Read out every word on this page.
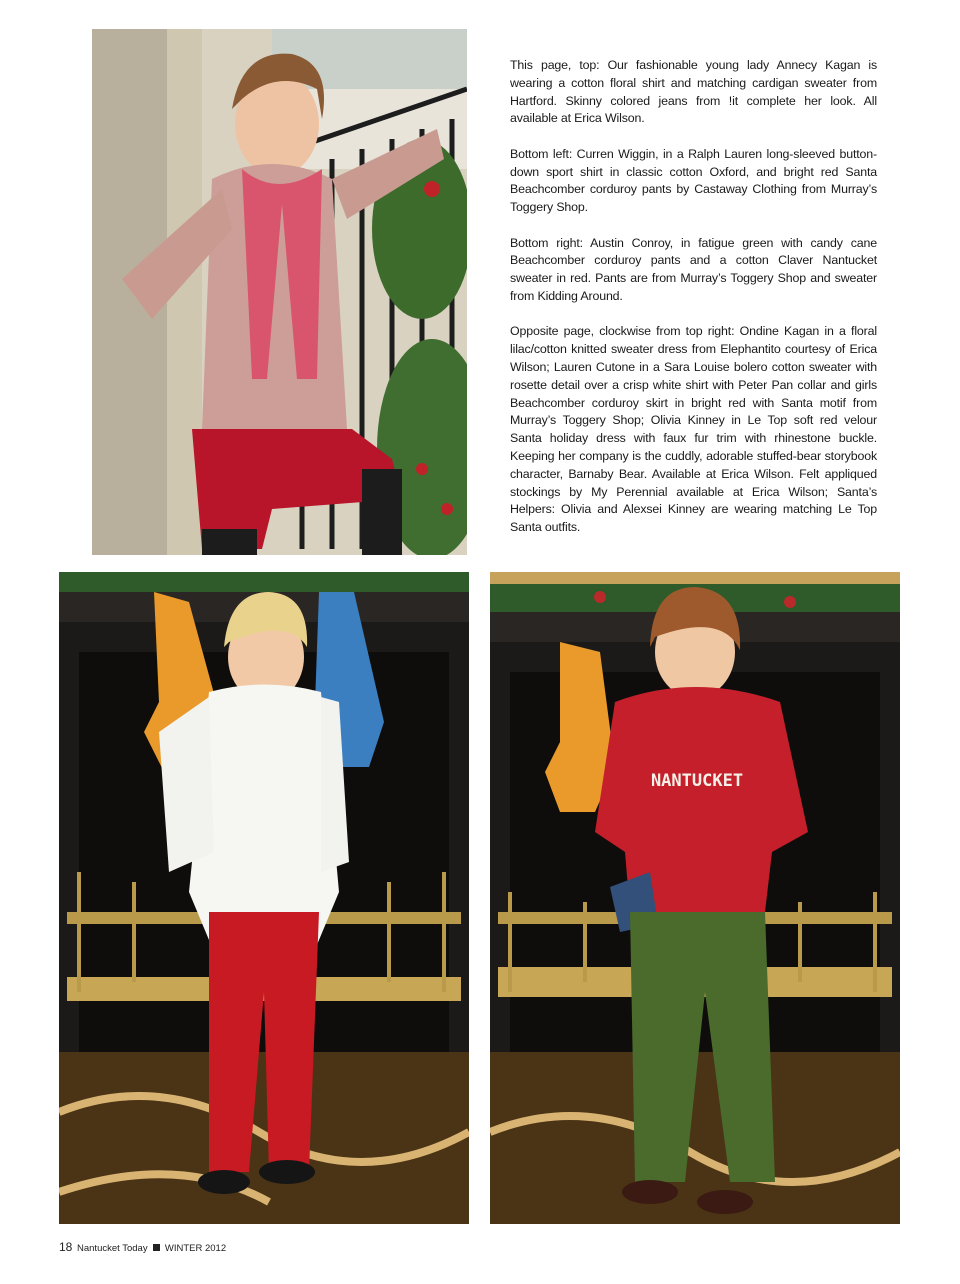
This page, top: Our fashionable young lady Annecy Kagan is wearing a cotton floral shirt and matching cardigan sweater from Hartford. Skinny colored jeans from !it complete her look. All available at Erica Wilson.

Bottom left: Curren Wiggin, in a Ralph Lauren long-sleeved button-down sport shirt in classic cotton Oxford, and bright red Santa Beachcomber corduroy pants by Castaway Clothing from Murray’s Toggery Shop.

Bottom right: Austin Conroy, in fatigue green with candy cane Beachcomber corduroy pants and a cotton Claver Nantucket sweater in red. Pants are from Murray’s Toggery Shop and sweater from Kidding Around.

Opposite page, clockwise from top right: Ondine Kagan in a floral lilac/cotton knitted sweater dress from Elephantito courtesy of Erica Wilson; Lauren Cutone in a Sara Louise bolero cotton sweater with rosette detail over a crisp white shirt with Peter Pan collar and girls Beachcomber corduroy skirt in bright red with Santa motif from Murray’s Toggery Shop; Olivia Kinney in Le Top soft red velour Santa holiday dress with faux fur trim with rhinestone buckle. Keeping her company is the cuddly, adorable stuffed-bear storybook character, Barnaby Bear. Available at Erica Wilson. Felt appliqued stockings by My Perennial available at Erica Wilson; Santa’s Helpers: Olivia and Alexsei Kinney are wearing matching Le Top Santa outfits.

NANTUCKET
18 Nantucket Today WINTER 2012
